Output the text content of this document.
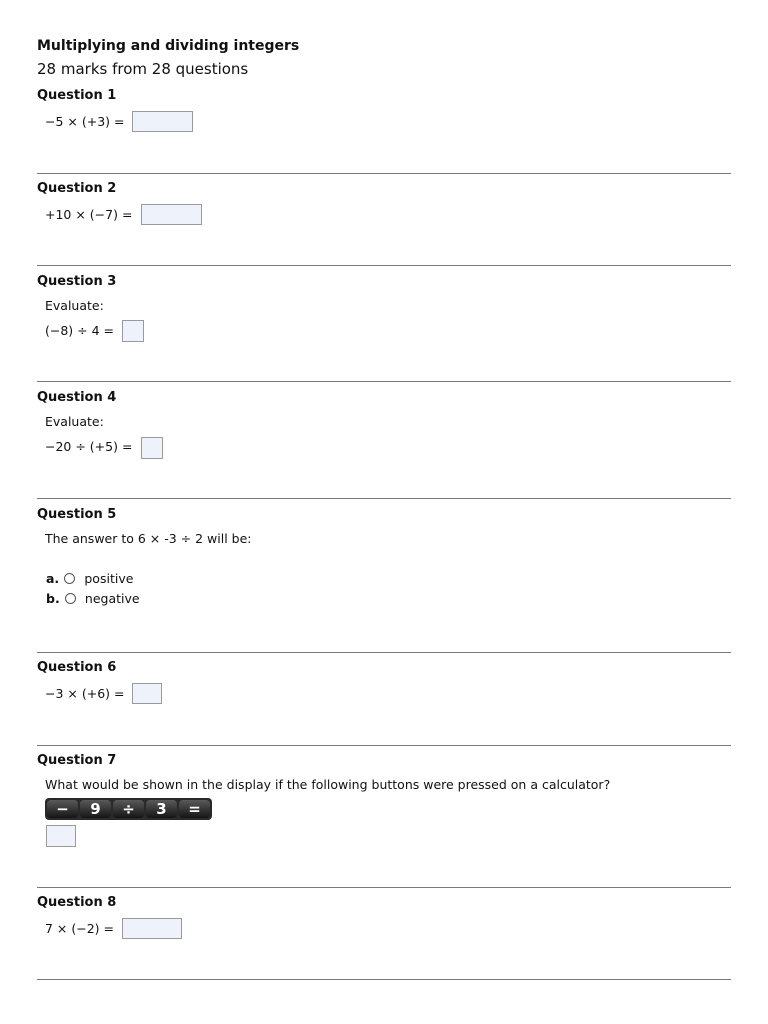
Multiplying and dividing integers
28 marks from 28 questions
Question 1
−5 × (+3) =
Question 2
+10 × (−7) =
Question 3
Evaluate:
(−8) ÷ 4 =
Question 4
Evaluate:
−20 ÷ (+5) =
Question 5
The answer to 6 × -3 ÷ 2 will be:
a. positive
b. negative
Question 6
−3 × (+6) =
Question 7
What would be shown in the display if the following buttons were pressed on a calculator?
−	9	÷	3	=
Question 8
7 × (−2) =
